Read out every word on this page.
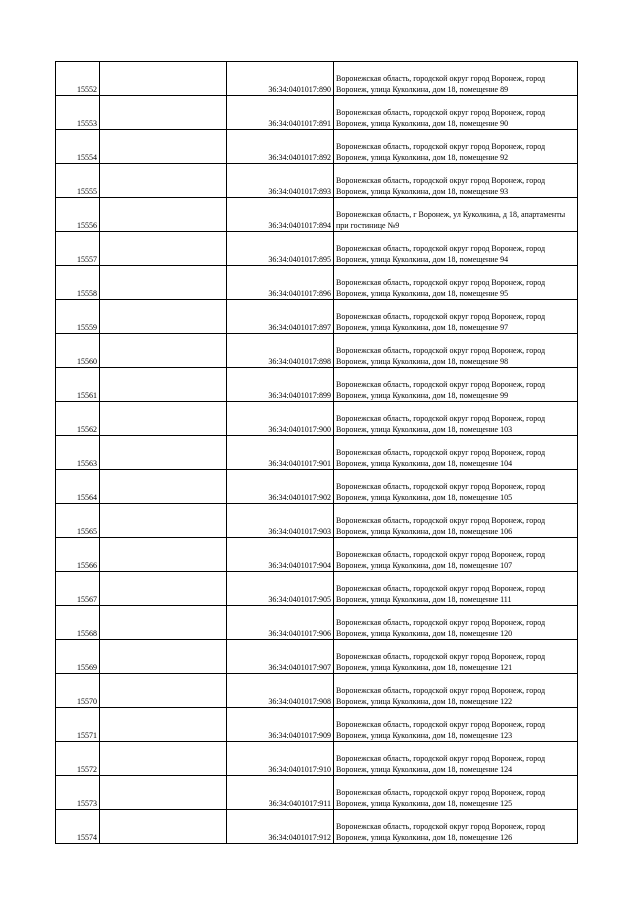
15552		36:34:0401017:890	Воронежская область, городской округ город Воронеж, город Воронеж, улица Куколкина, дом 18, помещение 89
15553		36:34:0401017:891	Воронежская область, городской округ город Воронеж, город Воронеж, улица Куколкина, дом 18, помещение 90
15554		36:34:0401017:892	Воронежская область, городской округ город Воронеж, город Воронеж, улица Куколкина, дом 18, помещение 92
15555		36:34:0401017:893	Воронежская область, городской округ город Воронеж, город Воронеж, улица Куколкина, дом 18, помещение 93
15556		36:34:0401017:894	Воронежская область, г Воронеж, ул Куколкина, д 18, апартаменты при гостинице №9
15557		36:34:0401017:895	Воронежская область, городской округ город Воронеж, город Воронеж, улица Куколкина, дом 18, помещение 94
15558		36:34:0401017:896	Воронежская область, городской округ город Воронеж, город Воронеж, улица Куколкина, дом 18, помещение 95
15559		36:34:0401017:897	Воронежская область, городской округ город Воронеж, город Воронеж, улица Куколкина, дом 18, помещение 97
15560		36:34:0401017:898	Воронежская область, городской округ город Воронеж, город Воронеж, улица Куколкина, дом 18, помещение 98
15561		36:34:0401017:899	Воронежская область, городской округ город Воронеж, город Воронеж, улица Куколкина, дом 18, помещение 99
15562		36:34:0401017:900	Воронежская область, городской округ город Воронеж, город Воронеж, улица Куколкина, дом 18, помещение 103
15563		36:34:0401017:901	Воронежская область, городской округ город Воронеж, город Воронеж, улица Куколкина, дом 18, помещение 104
15564		36:34:0401017:902	Воронежская область, городской округ город Воронеж, город Воронеж, улица Куколкина, дом 18, помещение 105
15565		36:34:0401017:903	Воронежская область, городской округ город Воронеж, город Воронеж, улица Куколкина, дом 18, помещение 106
15566		36:34:0401017:904	Воронежская область, городской округ город Воронеж, город Воронеж, улица Куколкина, дом 18, помещение 107
15567		36:34:0401017:905	Воронежская область, городской округ город Воронеж, город Воронеж, улица Куколкина, дом 18, помещение 111
15568		36:34:0401017:906	Воронежская область, городской округ город Воронеж, город Воронеж, улица Куколкина, дом 18, помещение 120
15569		36:34:0401017:907	Воронежская область, городской округ город Воронеж, город Воронеж, улица Куколкина, дом 18, помещение 121
15570		36:34:0401017:908	Воронежская область, городской округ город Воронеж, город Воронеж, улица Куколкина, дом 18, помещение 122
15571		36:34:0401017:909	Воронежская область, городской округ город Воронеж, город Воронеж, улица Куколкина, дом 18, помещение 123
15572		36:34:0401017:910	Воронежская область, городской округ город Воронеж, город Воронеж, улица Куколкина, дом 18, помещение 124
15573		36:34:0401017:911	Воронежская область, городской округ город Воронеж, город Воронеж, улица Куколкина, дом 18, помещение 125
15574		36:34:0401017:912	Воронежская область, городской округ город Воронеж, город Воронеж, улица Куколкина, дом 18, помещение 126
